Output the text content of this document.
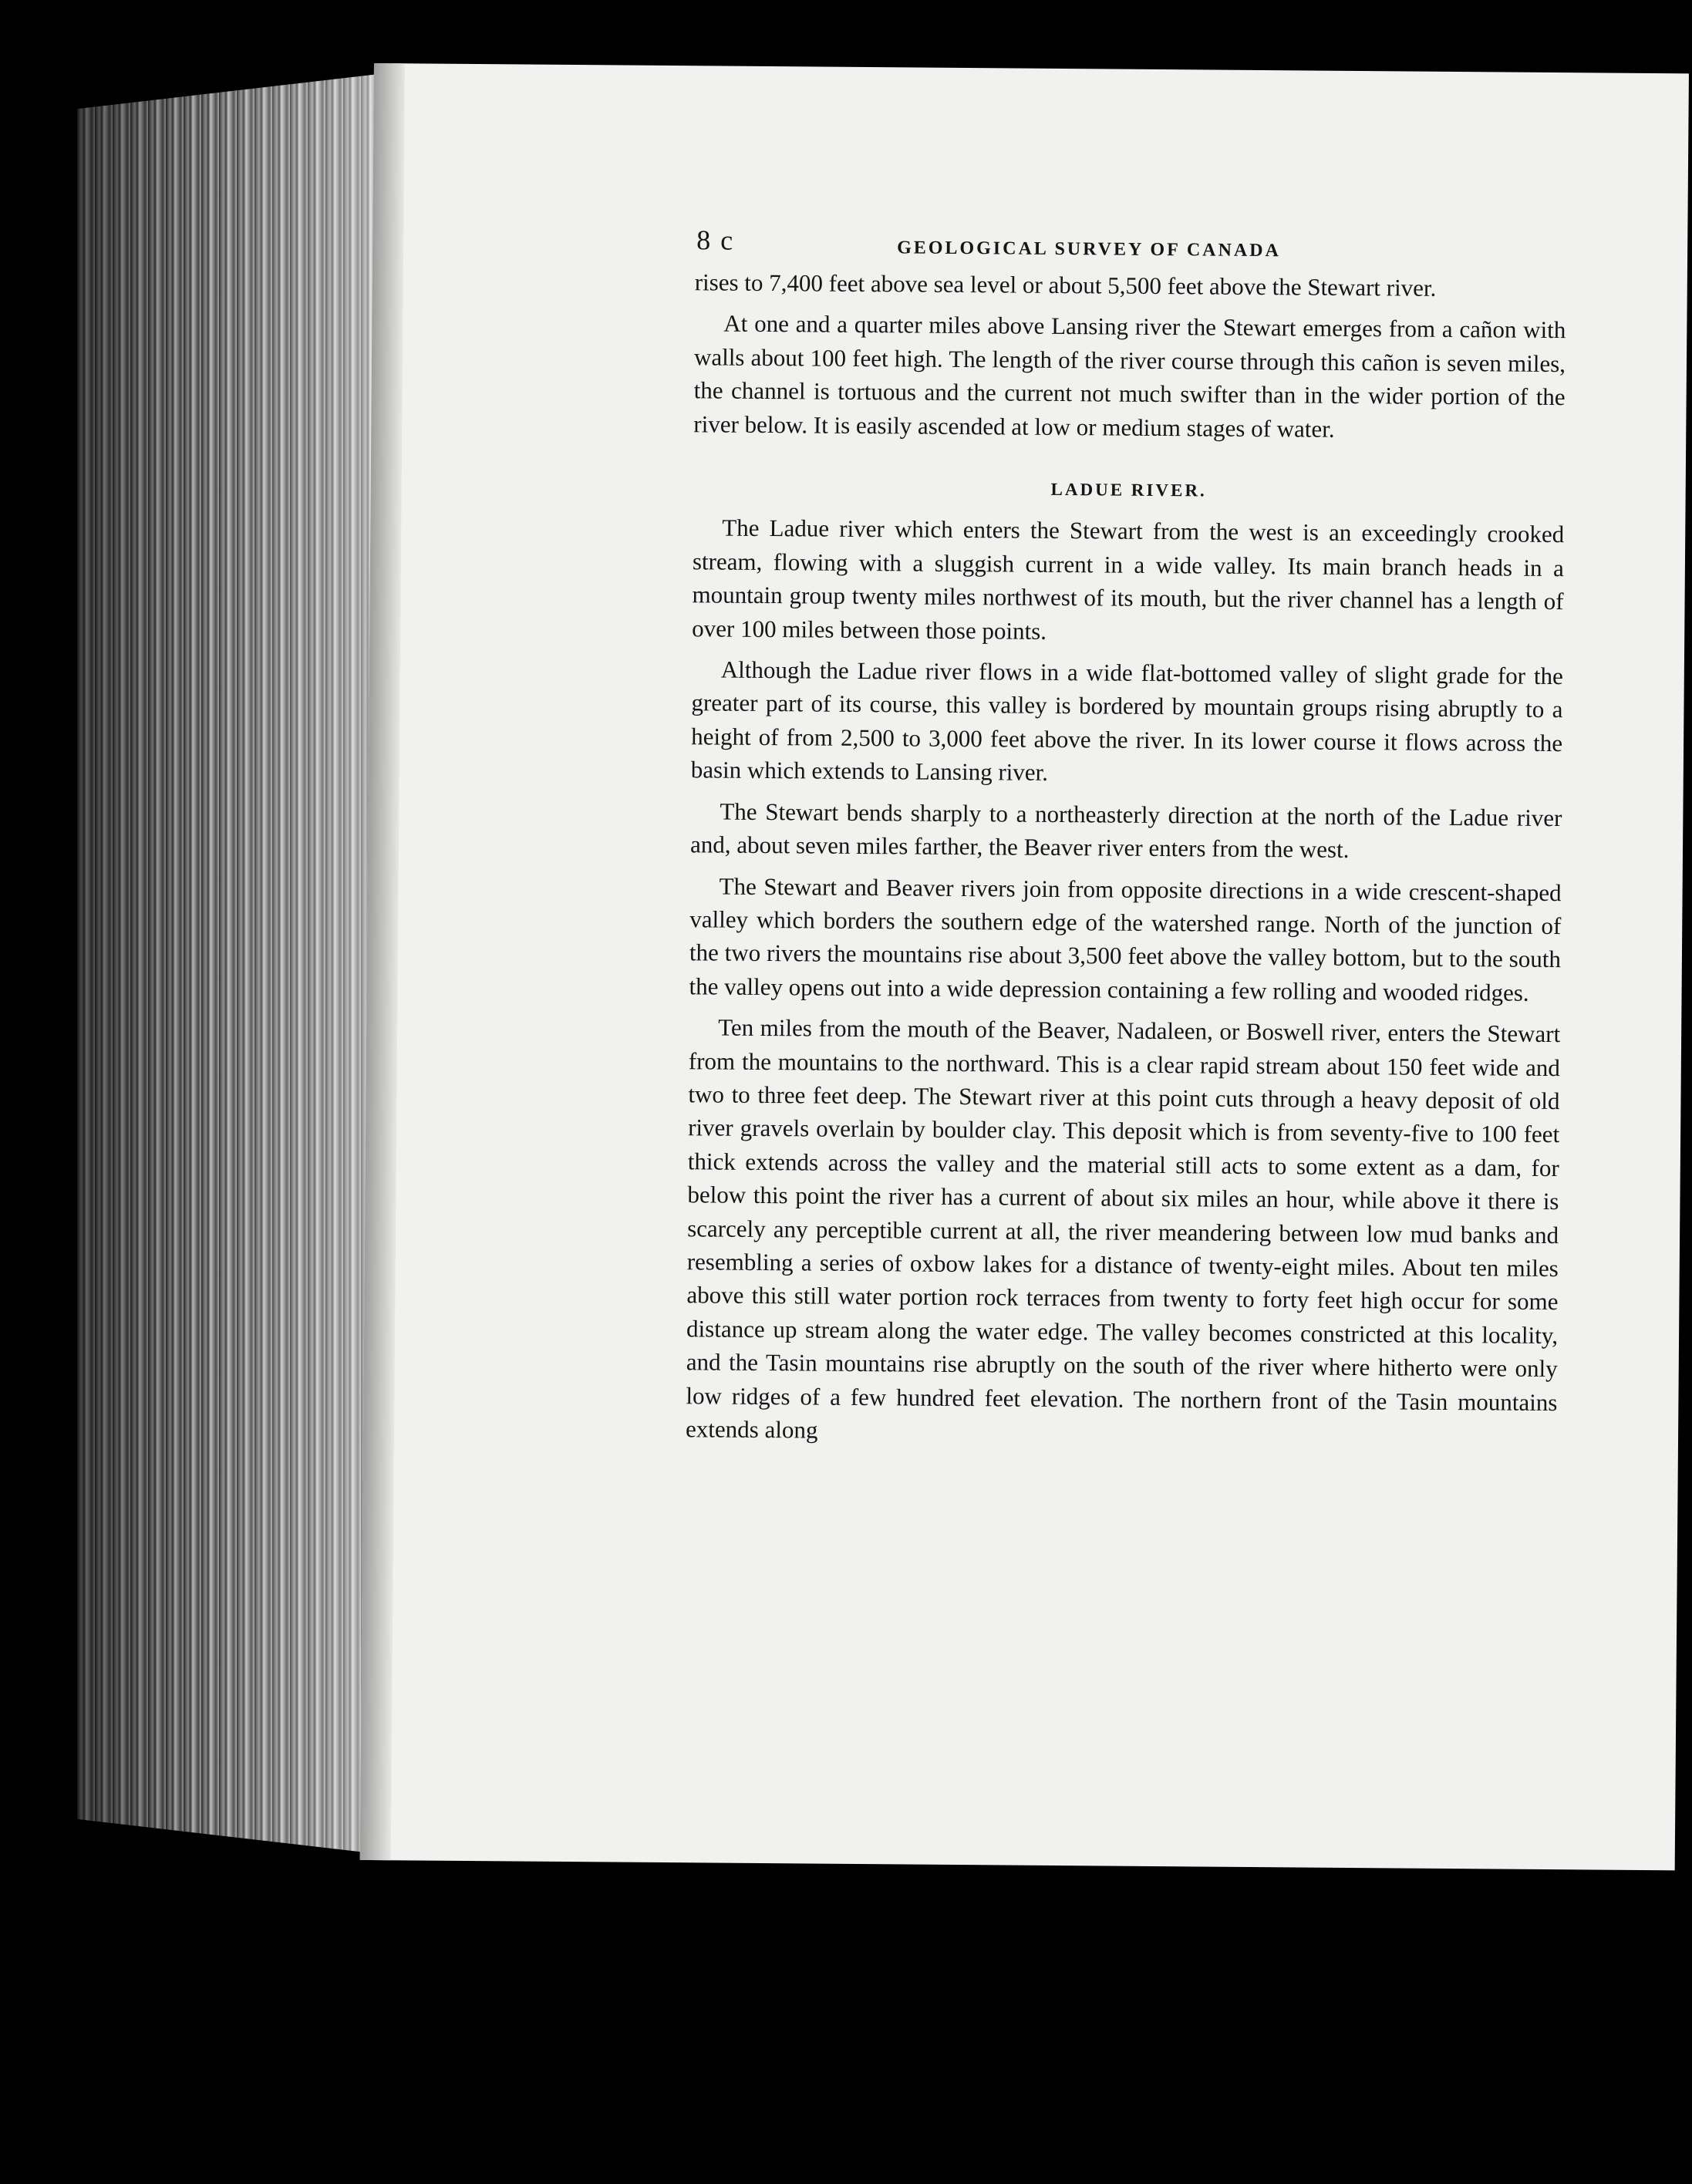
8 c	GEOLOGICAL SURVEY OF CANADA

rises to 7,400 feet above sea level or about 5,500 feet above the Stewart river.

At one and a quarter miles above Lansing river the Stewart emerges from a cañon with walls about 100 feet high. The length of the river course through this cañon is seven miles, the channel is tortuous and the current not much swifter than in the wider portion of the river below. It is easily ascended at low or medium stages of water.

LADUE RIVER.

The Ladue river which enters the Stewart from the west is an exceedingly crooked stream, flowing with a sluggish current in a wide valley. Its main branch heads in a mountain group twenty miles northwest of its mouth, but the river channel has a length of over 100 miles between those points.

Although the Ladue river flows in a wide flat-bottomed valley of slight grade for the greater part of its course, this valley is bordered by mountain groups rising abruptly to a height of from 2,500 to 3,000 feet above the river. In its lower course it flows across the basin which extends to Lansing river.

The Stewart bends sharply to a northeasterly direction at the north of the Ladue river and, about seven miles farther, the Beaver river enters from the west.

The Stewart and Beaver rivers join from opposite directions in a wide crescent-shaped valley which borders the southern edge of the watershed range. North of the junction of the two rivers the mountains rise about 3,500 feet above the valley bottom, but to the south the valley opens out into a wide depression containing a few rolling and wooded ridges.

Ten miles from the mouth of the Beaver, Nadaleen, or Boswell river, enters the Stewart from the mountains to the northward. This is a clear rapid stream about 150 feet wide and two to three feet deep. The Stewart river at this point cuts through a heavy deposit of old river gravels overlain by boulder clay. This deposit which is from seventy-five to 100 feet thick extends across the valley and the material still acts to some extent as a dam, for below this point the river has a current of about six miles an hour, while above it there is scarcely any perceptible current at all, the river meandering between low mud banks and resembling a series of oxbow lakes for a distance of twenty-eight miles. About ten miles above this still water portion rock terraces from twenty to forty feet high occur for some distance up stream along the water edge. The valley becomes constricted at this locality, and the Tasin mountains rise abruptly on the south of the river where hitherto were only low ridges of a few hundred feet elevation. The northern front of the Tasin mountains extends along
